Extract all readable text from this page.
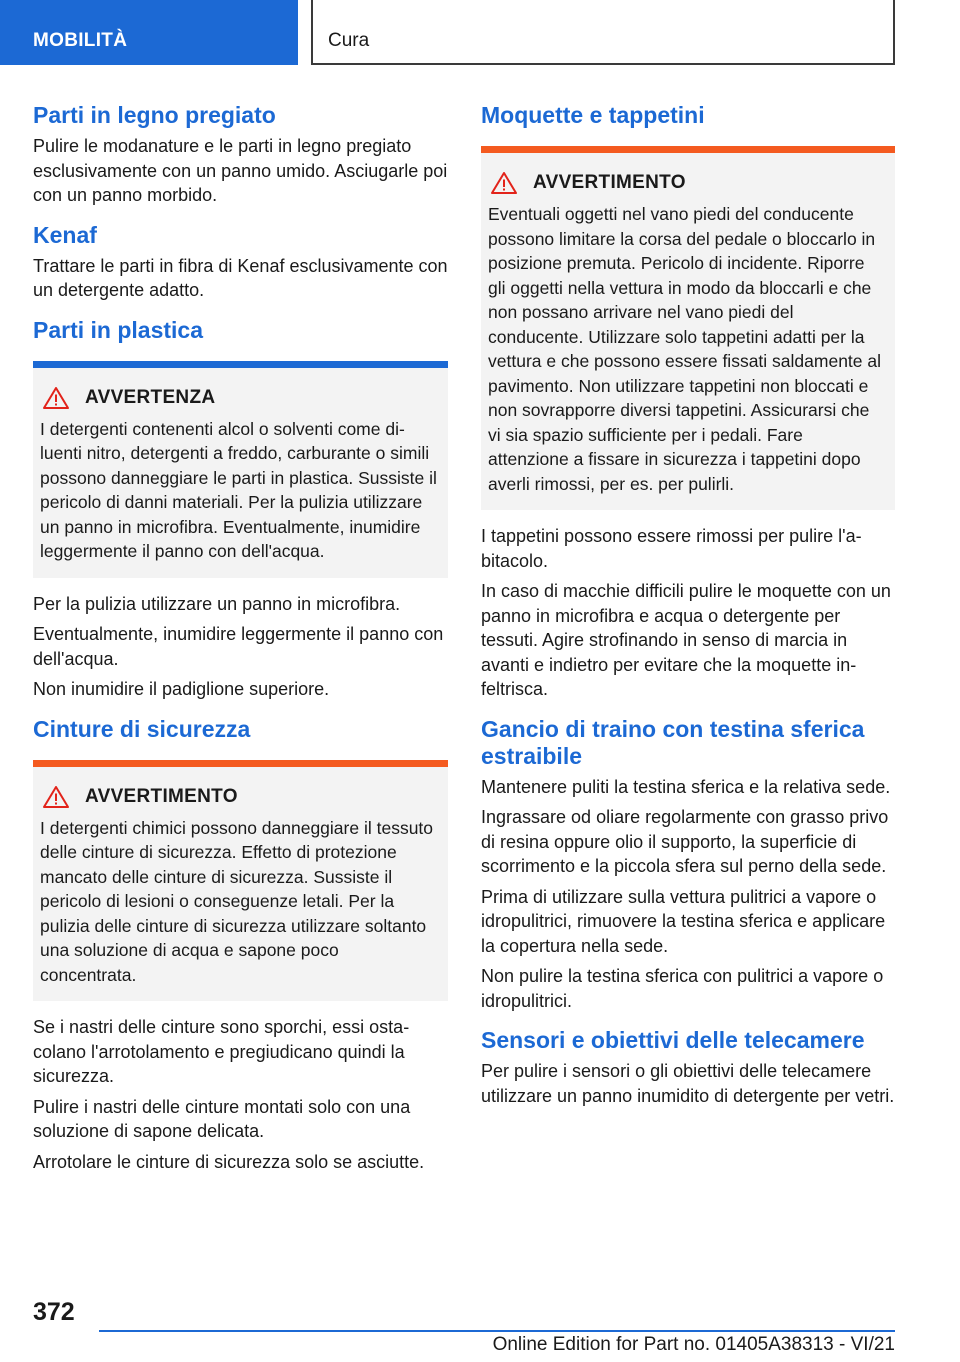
MOBILITÀ	Cura
Parti in legno pregiato

Pulire le modanature e le parti in legno pregiato esclusivamente con un panno umido. Asciugarle poi con un panno morbido.

Kenaf

Trattare le parti in fibra di Kenaf esclusivamente con un detergente adatto.

Parti in plastica
AVVERTENZA

I detergenti contenenti alcol o solventi come diluenti nitro, detergenti a freddo, carburante o simili possono danneggiare le parti in plastica. Sussiste il pericolo di danni materiali. Per la pulizia utilizzare un panno in microfibra. Eventualmente, inumidire leggermente il panno con dell'acqua.

Per la pulizia utilizzare un panno in microfibra.

Eventualmente, inumidire leggermente il panno con dell'acqua.

Non inumidire il padiglione superiore.

Cinture di sicurezza
AVVERTIMENTO

I detergenti chimici possono danneggiare il tessuto delle cinture di sicurezza. Effetto di protezione mancato delle cinture di sicurezza. Sussiste il pericolo di lesioni o conseguenze letali. Per la pulizia delle cinture di sicurezza utilizzare soltanto una soluzione di acqua e sapone poco concentrata.

Se i nastri delle cinture sono sporchi, essi ostacolano l'arrotolamento e pregiudicano quindi la sicurezza.

Pulire i nastri delle cinture montati solo con una soluzione di sapone delicata.

Arrotolare le cinture di sicurezza solo se asciutte.

Moquette e tappetini
AVVERTIMENTO

Eventuali oggetti nel vano piedi del conducente possono limitare la corsa del pedale o bloccarlo in posizione premuta. Pericolo di incidente. Riporre gli oggetti nella vettura in modo da bloccarli e che non possano arrivare nel vano piedi del conducente. Utilizzare solo tappetini adatti per la vettura e che possono essere fissati saldamente al pavimento. Non utilizzare tappetini non bloccati e non sovrapporre diversi tappetini. Assicurarsi che vi sia spazio sufficiente per i pedali. Fare attenzione a fissare in sicurezza i tappetini dopo averli rimossi, per es. per pulirli.

I tappetini possono essere rimossi per pulire l'abitacolo.

In caso di macchie difficili pulire le moquette con un panno in microfibra e acqua o detergente per tessuti. Agire strofinando in senso di marcia in avanti e indietro per evitare che la moquette infeltrisca.

Gancio di traino con testina sferica estraibile

Mantenere puliti la testina sferica e la relativa sede.

Ingrassare od oliare regolarmente con grasso privo di resina oppure olio il supporto, la superficie di scorrimento e la piccola sfera sul perno della sede.

Prima di utilizzare sulla vettura pulitrici a vapore o idropulitrici, rimuovere la testina sferica e applicare la copertura nella sede.

Non pulire la testina sferica con pulitrici a vapore o idropulitrici.

Sensori e obiettivi delle telecamere

Per pulire i sensori o gli obiettivi delle telecamere utilizzare un panno inumidito di detergente per vetri.

372
Online Edition for Part no. 01405A38313 - VI/21
